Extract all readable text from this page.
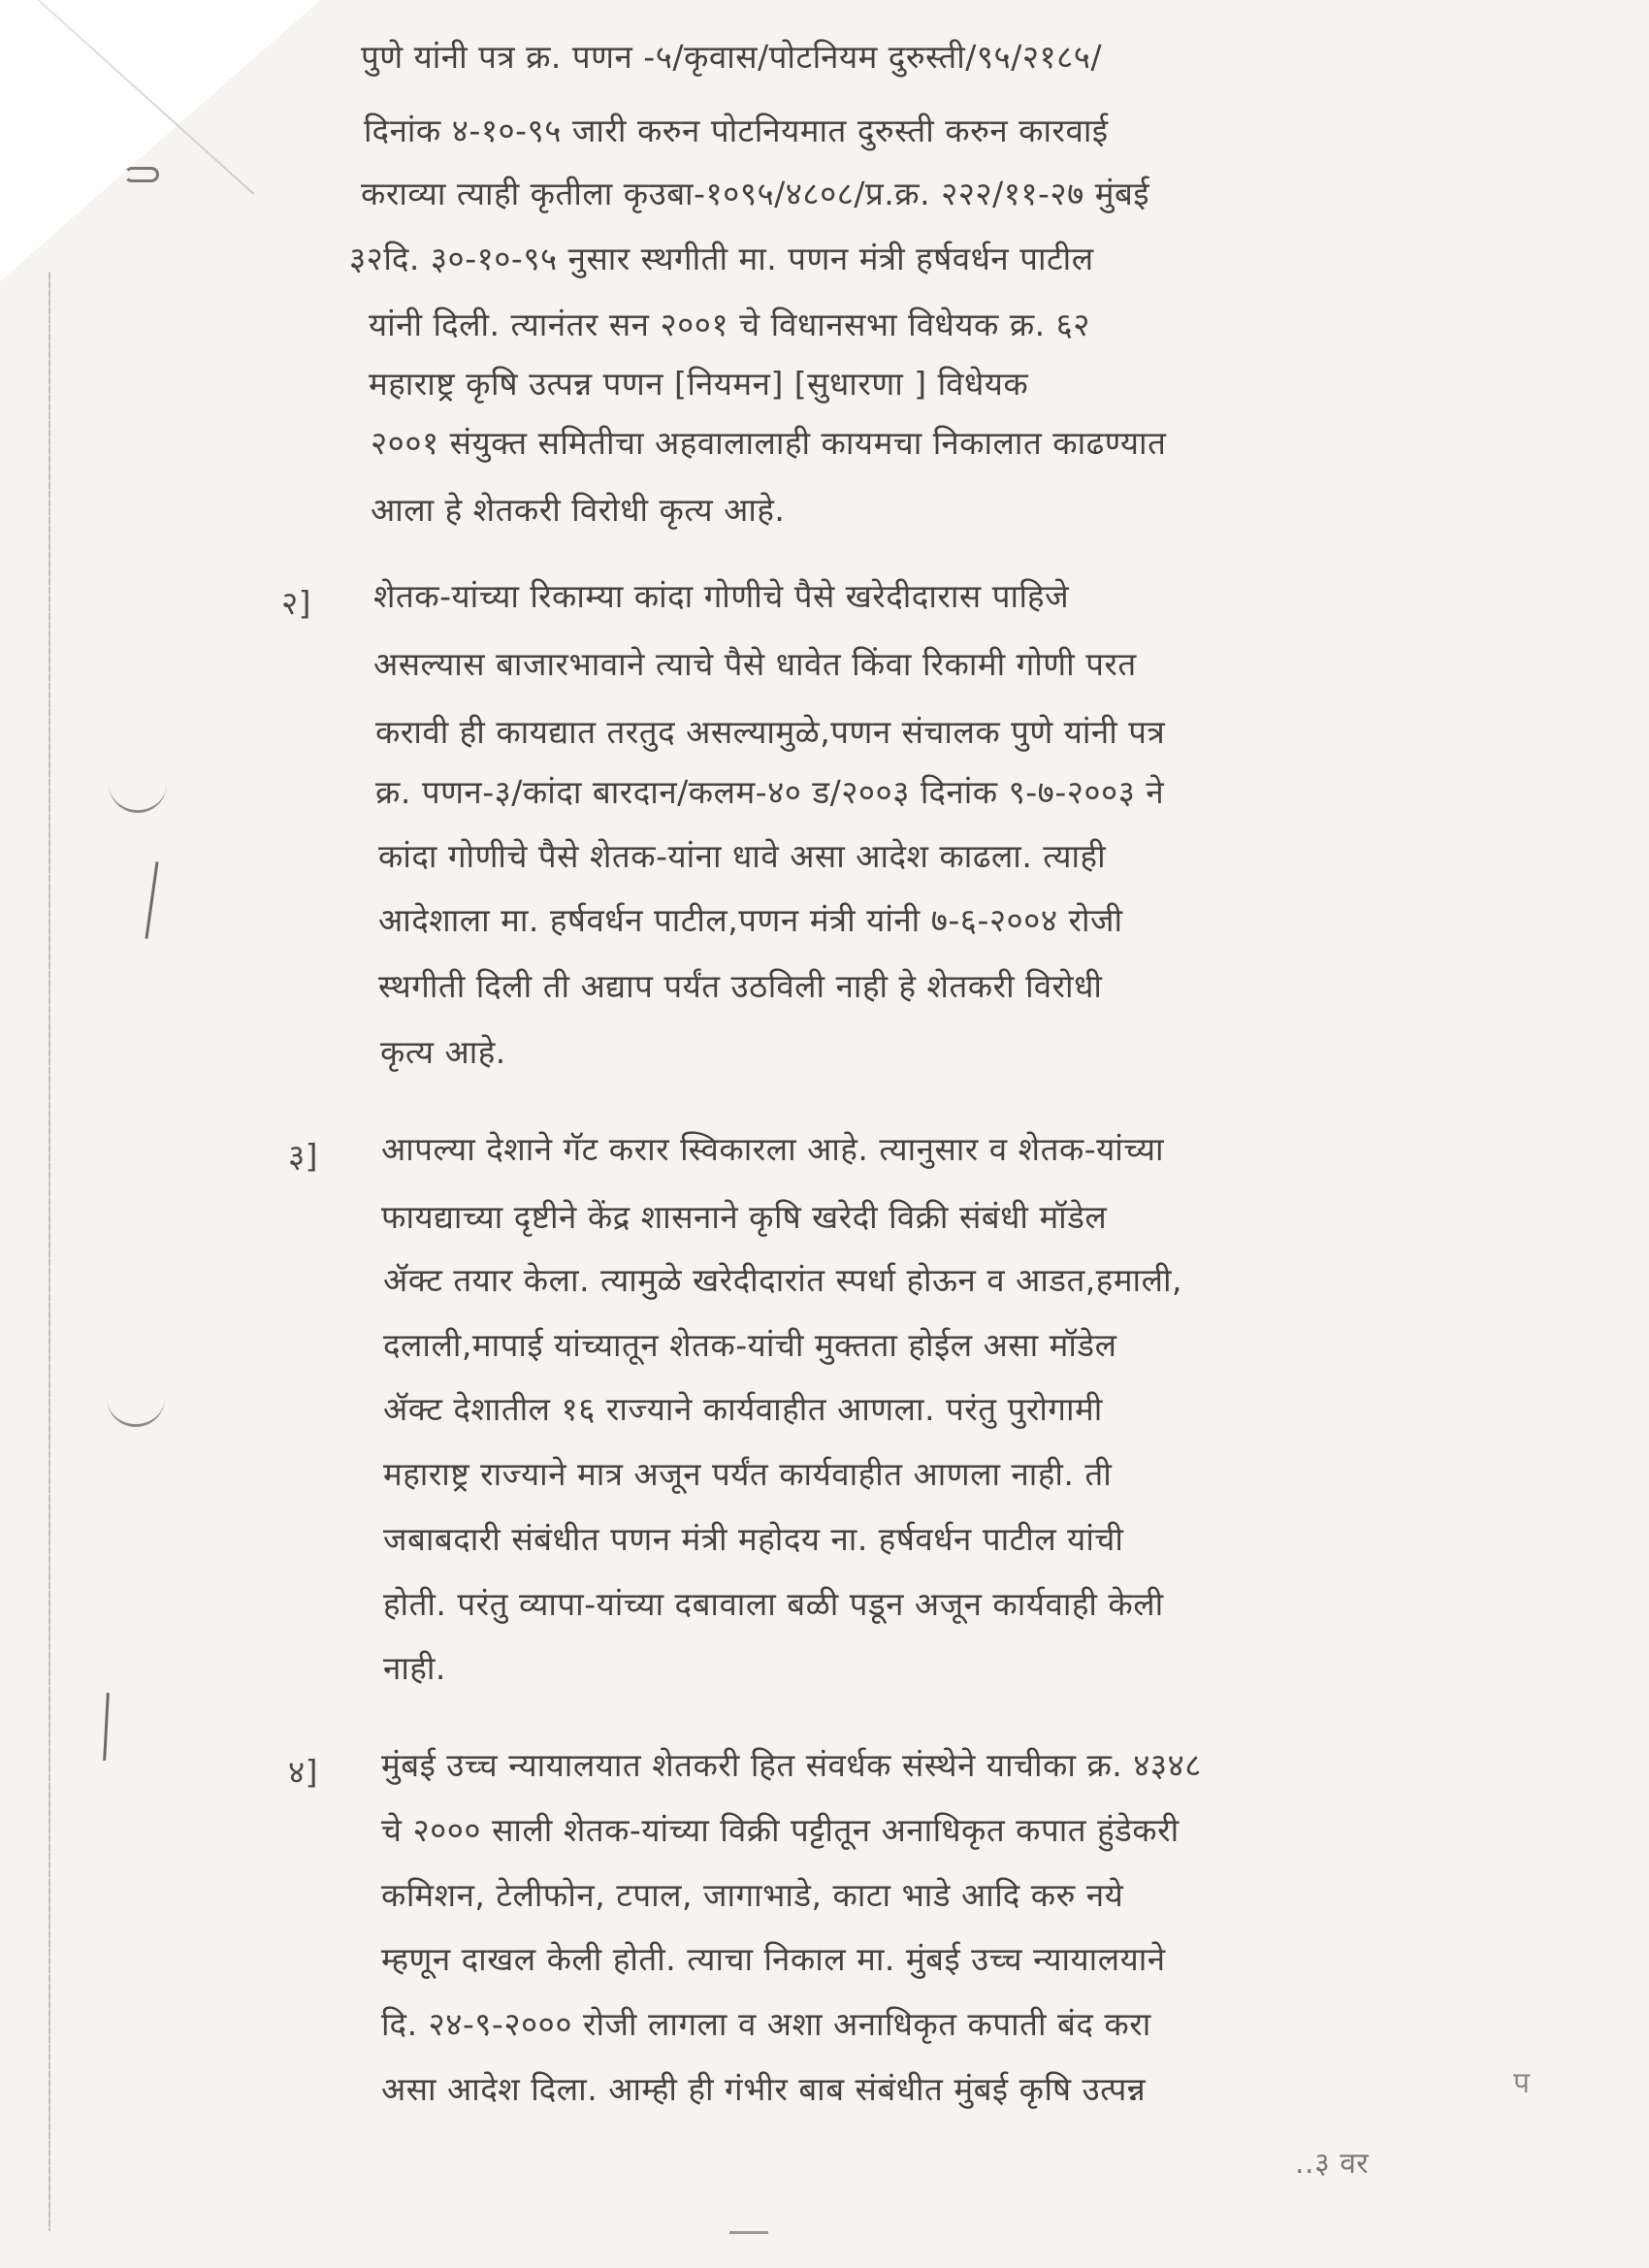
पुणे यांनी पत्र क्र. पणन -५/कृवास/पोटनियम दुरुस्ती/९५/२१८५/
दिनांक ४-१०-९५ जारी करुन पोटनियमात दुरुस्ती करुन कारवाई
कराव्या त्याही कृतीला कृउबा-१०९५/४८०८/प्र.क्र. २२२/११-२७ मुंबई
३२दि. ३०-१०-९५ नुसार स्थगीती मा. पणन मंत्री हर्षवर्धन पाटील
यांनी दिली. त्यानंतर सन २००१ चे विधानसभा विधेयक क्र. ६२
महाराष्ट्र कृषि उत्पन्न पणन [नियमन] [सुधारणा ] विधेयक
२००१ संयुक्त समितीचा अहवालालाही कायमचा निकालात काढण्यात
आला हे शेतकरी विरोधी कृत्य आहे.
२] शेतक-यांच्या रिकाम्या कांदा गोणीचे पैसे खरेदीदारास पाहिजे
असल्यास बाजारभावाने त्याचे पैसे धावेत किंवा रिकामी गोणी परत
करावी ही कायद्यात तरतुद असल्यामुळे,पणन संचालक पुणे यांनी पत्र
क्र. पणन-३/कांदा बारदान/कलम-४० ड/२००३ दिनांक ९-७-२००३ ने
कांदा गोणीचे पैसे शेतक-यांना धावे असा आदेश काढला. त्याही
आदेशाला मा. हर्षवर्धन पाटील,पणन मंत्री यांनी ७-६-२००४ रोजी
स्थगीती दिली ती अद्याप पर्यंत उठविली नाही हे शेतकरी विरोधी
कृत्य आहे.
३] आपल्या देशाने गॅट करार स्विकारला आहे. त्यानुसार व शेतक-यांच्या
फायद्याच्या दृष्टीने केंद्र शासनाने कृषि खरेदी विक्री संबंधी मॉडेल
ॲक्ट तयार केला. त्यामुळे खरेदीदारांत स्पर्धा होऊन व आडत,हमाली,
दलाली,मापाई यांच्यातून शेतक-यांची मुक्तता होईल असा मॉडेल
ॲक्ट देशातील १६ राज्याने कार्यवाहीत आणला. परंतु पुरोगामी
महाराष्ट्र राज्याने मात्र अजून पर्यंत कार्यवाहीत आणला नाही. ती
जबाबदारी संबंधीत पणन मंत्री महोदय ना. हर्षवर्धन पाटील यांची
होती. परंतु व्यापा-यांच्या दबावाला बळी पडून अजून कार्यवाही केली
नाही.
४] मुंबई उच्च न्यायालयात शेतकरी हित संवर्धक संस्थेने याचीका क्र. ४३४८
चे २००० साली शेतक-यांच्या विक्री पट्टीतून अनाधिकृत कपात हुंडेकरी
कमिशन, टेलीफोन, टपाल, जागाभाडे, काटा भाडे आदि करु नये
म्हणून दाखल केली होती. त्याचा निकाल मा. मुंबई उच्च न्यायालयाने
दि. २४-९-२००० रोजी लागला व अशा अनाधिकृत कपाती बंद करा
असा आदेश दिला. आम्ही ही गंभीर बाब संबंधीत मुंबई कृषि उत्पन्न	प
..३ वर
